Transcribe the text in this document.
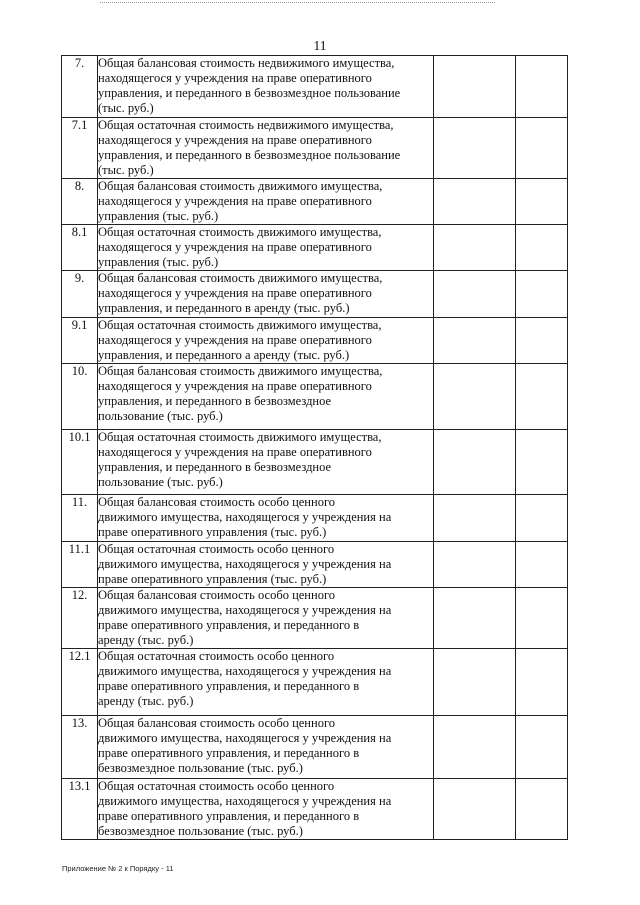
11
7.	Общая балансовая стоимость недвижимого имущества,
находящегося у учреждения на праве оперативного
управления, и переданного в безвозмездное пользование
(тыс. руб.)		

7.1	Общая остаточная стоимость недвижимого имущества,
находящегося у учреждения на праве оперативного
управления, и переданного в безвозмездное пользование
(тыс. руб.)		

8.	Общая балансовая стоимость движимого имущества,
находящегося у учреждения на праве оперативного
управления (тыс. руб.)		

8.1	Общая остаточная стоимость движимого имущества,
находящегося у учреждения на праве оперативного
управления (тыс. руб.)		

9.	Общая балансовая стоимость движимого имущества,
находящегося у учреждения на праве оперативного
управления, и переданного в аренду (тыс. руб.)		

9.1	Общая остаточная стоимость движимого имущества,
находящегося у учреждения на праве оперативного
управления, и переданного а аренду (тыс. руб.)		

10.	Общая балансовая стоимость движимого имущества,
находящегося у учреждения на праве оперативного
управления, и переданного в безвозмездное
пользование (тыс. руб.)		

10.1	Общая остаточная стоимость движимого имущества,
находящегося у учреждения на праве оперативного
управления, и переданного в безвозмездное
пользование (тыс. руб.)		

11.	Общая балансовая стоимость особо ценного
движимого имущества, находящегося у учреждения на
праве оперативного управления (тыс. руб.)		

11.1	Общая остаточная стоимость особо ценного
движимого имущества, находящегося у учреждения на
праве оперативного управления (тыс. руб.)		

12.	Общая балансовая стоимость особо ценного
движимого имущества, находящегося у учреждения на
праве оперативного управления, и переданного в
аренду (тыс. руб.)		

12.1	Общая остаточная стоимость особо ценного
движимого имущества, находящегося у учреждения на
праве оперативного управления, и переданного в
аренду (тыс. руб.)		

13.	Общая балансовая стоимость особо ценного
движимого имущества, находящегося у учреждения на
праве оперативного управления, и переданного в
безвозмездное пользование (тыс. руб.)		

13.1	Общая остаточная стоимость особо ценного
движимого имущества, находящегося у учреждения на
праве оперативного управления, и переданного в
безвозмездное пользование (тыс. руб.)		

Приложение № 2 к Порядку - 11
